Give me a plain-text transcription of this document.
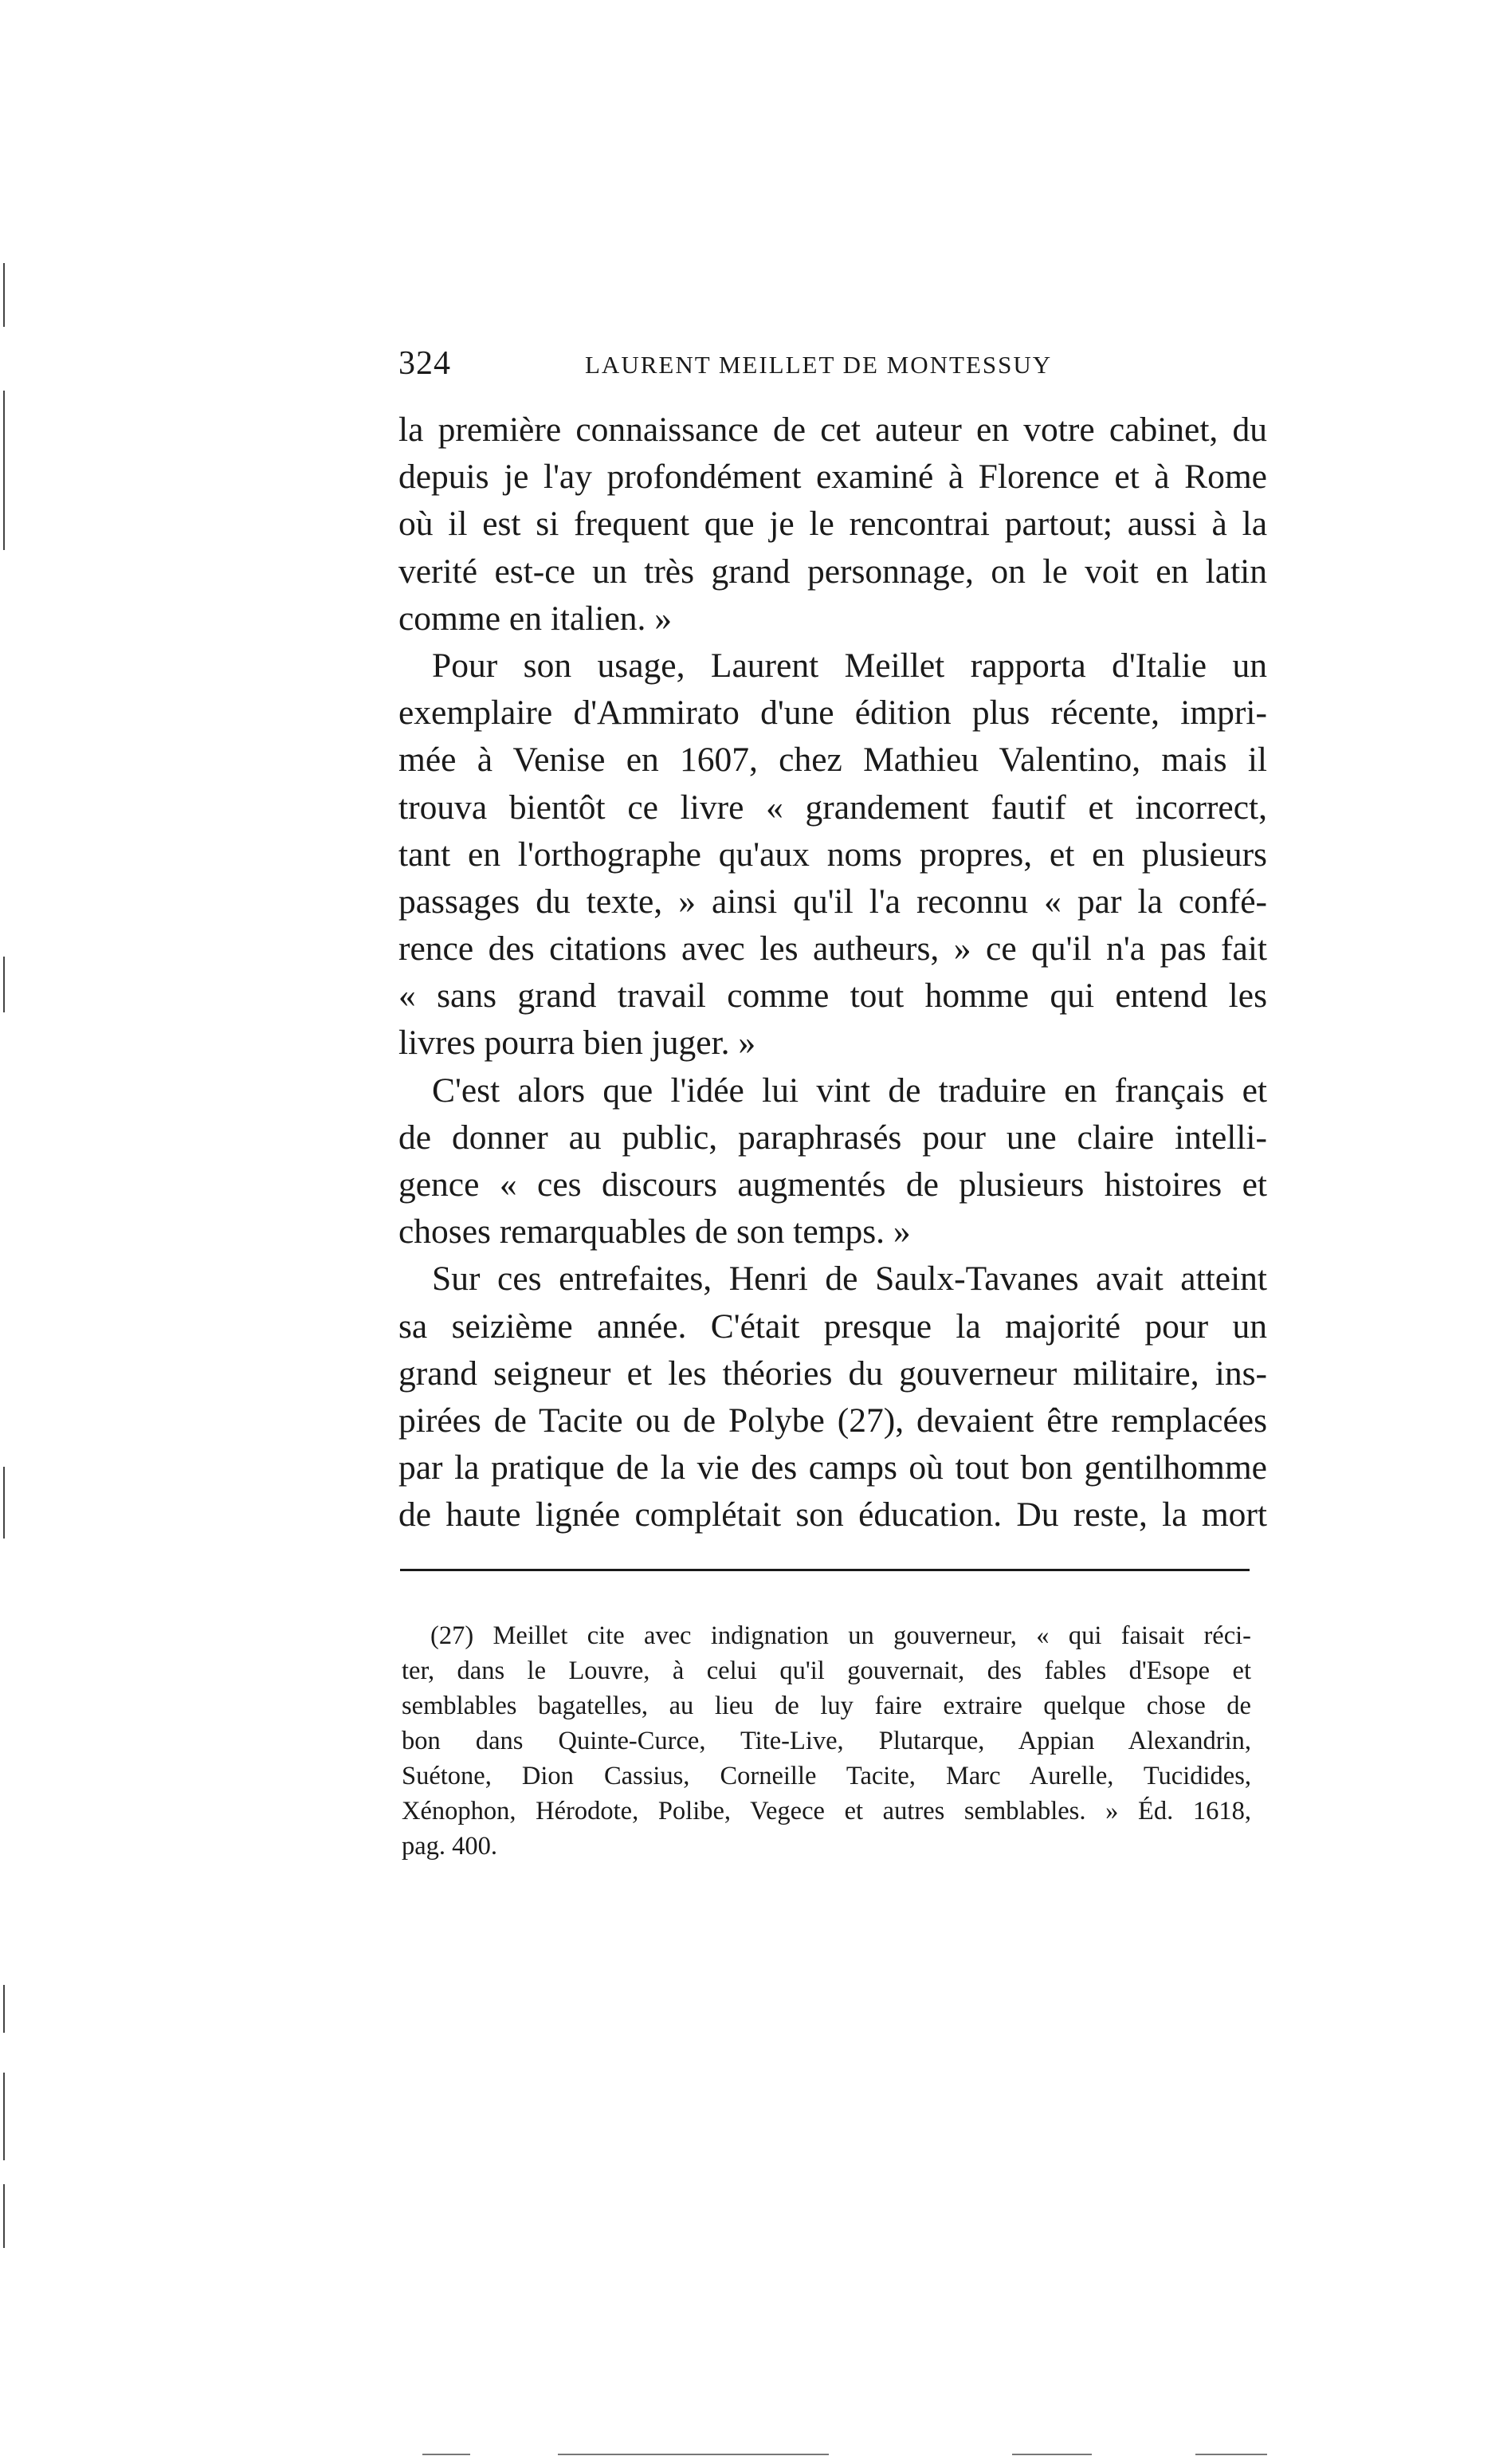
324	LAURENT MEILLET DE MONTESSUY
la première connaissance de cet auteur en votre cabinet, du
depuis je l'ay profondément examiné à Florence et à Rome
où il est si frequent que je le rencontrai partout; aussi à la
verité est-ce un très grand personnage, on le voit en latin
comme en italien. »
Pour son usage, Laurent Meillet rapporta d'Italie un
exemplaire d'Ammirato d'une édition plus récente, impri-
mée à Venise en 1607, chez Mathieu Valentino, mais il
trouva bientôt ce livre « grandement fautif et incorrect,
tant en l'orthographe qu'aux noms propres, et en plusieurs
passages du texte, » ainsi qu'il l'a reconnu « par la confé-
rence des citations avec les autheurs, » ce qu'il n'a pas fait
« sans grand travail comme tout homme qui entend les
livres pourra bien juger. »
C'est alors que l'idée lui vint de traduire en français et
de donner au public, paraphrasés pour une claire intelli-
gence « ces discours augmentés de plusieurs histoires et
choses remarquables de son temps. »
Sur ces entrefaites, Henri de Saulx-Tavanes avait atteint
sa seizième année. C'était presque la majorité pour un
grand seigneur et les théories du gouverneur militaire, ins-
pirées de Tacite ou de Polybe (27), devaient être remplacées
par la pratique de la vie des camps où tout bon gentilhomme
de haute lignée complétait son éducation. Du reste, la mort
(27) Meillet cite avec indignation un gouverneur, « qui faisait réci-
ter, dans le Louvre, à celui qu'il gouvernait, des fables d'Esope et
semblables bagatelles, au lieu de luy faire extraire quelque chose de
bon dans Quinte-Curce, Tite-Live, Plutarque, Appian Alexandrin,
Suétone, Dion Cassius, Corneille Tacite, Marc Aurelle, Tucidides,
Xénophon, Hérodote, Polibe, Vegece et autres semblables. » Éd. 1618,
pag. 400.
